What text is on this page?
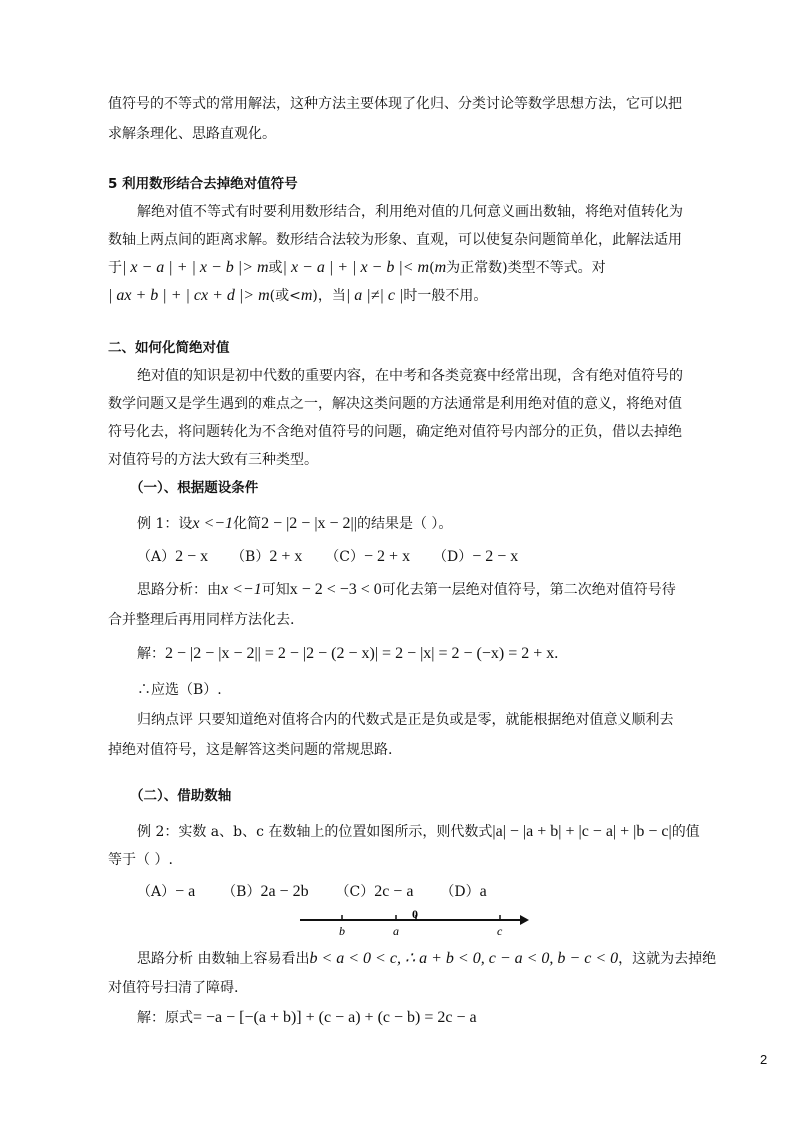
值符号的不等式的常用解法，这种方法主要体现了化归、分类讨论等数学思想方法，它可以把
求解条理化、思路直观化。
5 利用数形结合去掉绝对值符号
解绝对值不等式有时要利用数形结合，利用绝对值的几何意义画出数轴，将绝对值转化为
数轴上两点间的距离求解。数形结合法较为形象、直观，可以使复杂问题简单化，此解法适用
于| x − a | + | x − b |> m或| x − a | + | x − b |< m(m为正常数)类型不等式。对
| ax + b | + | cx + d |> m(或<m)，当| a |≠| c |时一般不用。
二、如何化简绝对值
绝对值的知识是初中代数的重要内容，在中考和各类竞赛中经常出现，含有绝对值符号的
数学问题又是学生遇到的难点之一，解决这类问题的方法通常是利用绝对值的意义，将绝对值
符号化去，将问题转化为不含绝对值符号的问题，确定绝对值符号内部分的正负，借以去掉绝
对值符号的方法大致有三种类型。
（一）、根据题设条件
例 1：设x <−1化简2 − |2 − |x − 2||的结果是（ ）。
（A）2 − x （B）2 + x （C）− 2 + x （D）− 2 − x
思路分析：由x <−1可知x − 2 < −3 < 0可化去第一层绝对值符号，第二次绝对值符号待
合并整理后再用同样方法化去.
解：2 − |2 − |x − 2|| = 2 − |2 − (2 − x)| = 2 − |x| = 2 − (−x) = 2 + x.
∴应选（B）.
归纳点评 只要知道绝对值将合内的代数式是正是负或是零，就能根据绝对值意义顺利去
掉绝对值符号，这是解答这类问题的常规思路.
（二）、借助数轴
例 2：实数 a、b、c 在数轴上的位置如图所示，则代数式|a| − |a + b| + |c − a| + |b − c|的值
等于（ ）.
（A）− a （B）2a − 2b （C）2c − a （D）a
b	a
0
c
思路分析 由数轴上容易看出b < a < 0 < c, ∴ a + b < 0, c − a < 0, b − c < 0，这就为去掉绝
对值符号扫清了障碍.
解：原式= −a − [−(a + b)] + (c − a) + (c − b) = 2c − a
2
